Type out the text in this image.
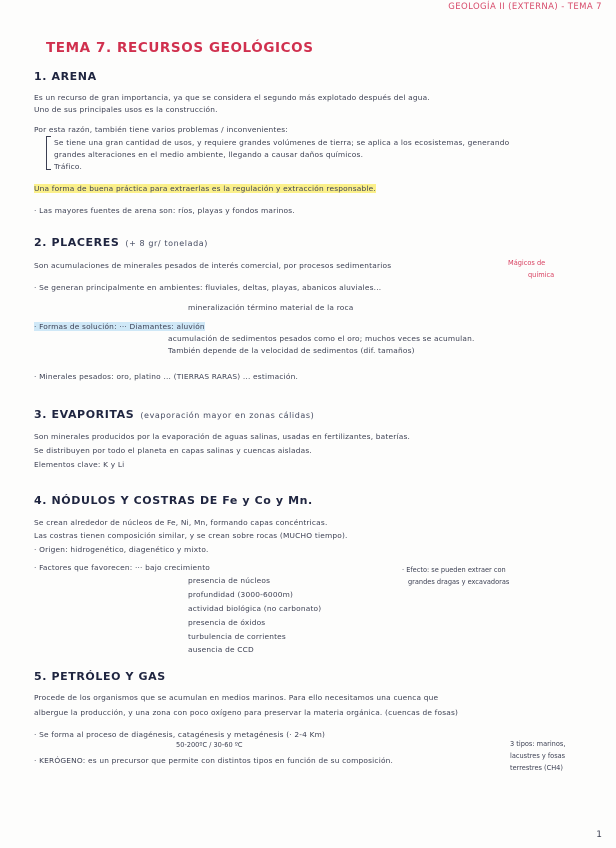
GEOLOGÍA II (EXTERNA) - TEMA 7
TEMA 7. RECURSOS GEOLÓGICOS
1. ARENA
Es un recurso de gran importancia, ya que se considera el segundo más explotado después del agua.
Uno de sus principales usos es la construcción.
Por esta razón, también tiene varios problemas / inconvenientes:
Se tiene una gran cantidad de usos, y requiere grandes volúmenes de tierra; se aplica a los ecosistemas, generando
grandes alteraciones en el medio ambiente, llegando a causar daños químicos.
Tráfico.
Una forma de buena práctica para extraerlas es la regulación y extracción responsable.
· Las mayores fuentes de arena son: ríos, playas y fondos marinos.
2. PLACERES (+ 8 gr/ tonelada)
Son acumulaciones de minerales pesados de interés comercial, por procesos sedimentarios	Mágicos de
química
· Se generan principalmente en ambientes: fluviales, deltas, playas, abanicos aluviales...
mineralización término material de la roca
· Formas de solución: ··· Diamantes: aluvión
acumulación de sedimentos pesados como el oro; muchos veces se acumulan.
También depende de la velocidad de sedimentos (dif. tamaños)
· Minerales pesados: oro, platino ... (TIERRAS RARAS) ... estimación.
3. EVAPORITAS (evaporación mayor en zonas cálidas)
Son minerales producidos por la evaporación de aguas salinas, usadas en fertilizantes, baterías.
Se distribuyen por todo el planeta en capas salinas y cuencas aisladas.
Elementos clave: K y Li
4. NÓDULOS Y COSTRAS DE Fe y Co y Mn.
Se crean alrededor de núcleos de Fe, Ni, Mn, formando capas concéntricas.
Las costras tienen composición similar, y se crean sobre rocas (MUCHO tiempo).
· Origen: hidrogenético, diagenético y mixto.
· Factores que favorecen: ··· bajo crecimiento
presencia de núcleos
profundidad (3000-6000m)
actividad biológica (no carbonato)
presencia de óxidos
turbulencia de corrientes
ausencia de CCD
· Efecto: se pueden extraer con
grandes dragas y excavadoras
5. PETRÓLEO Y GAS
Procede de los organismos que se acumulan en medios marinos. Para ello necesitamos una cuenca que
albergue la producción, y una zona con poco oxígeno para preservar la materia orgánica. (cuencas de fosas)
· Se forma al proceso de diagénesis, catagénesis y metagénesis (· 2-4 Km)
50-200ºC / 30-60 ºC
· KERÓGENO: es un precursor que permite con distintos tipos en función de su composición.
3 tipos: marinos,
lacustres y fosas
terrestres (CH4)
1
